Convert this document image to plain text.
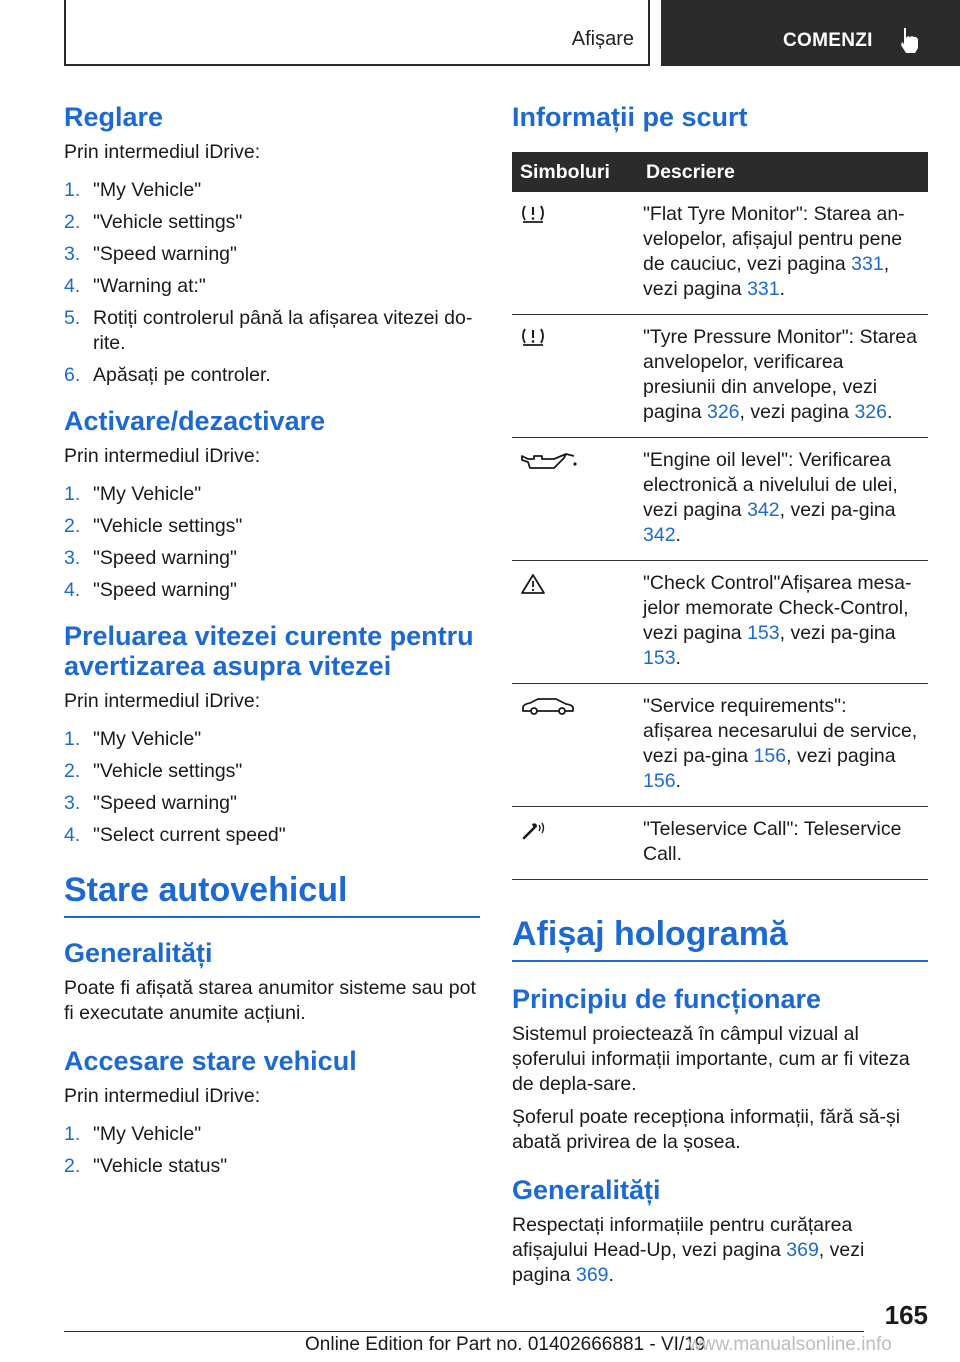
Afișare	COMENZI
Reglare
Prin intermediul iDrive:
1. "My Vehicle"
2. "Vehicle settings"
3. "Speed warning"
4. "Warning at:"
5. Rotiți controlerul până la afișarea vitezei do-rite.
6. Apăsați pe controler.
Activare/dezactivare
Prin intermediul iDrive:
1. "My Vehicle"
2. "Vehicle settings"
3. "Speed warning"
4. "Speed warning"
Preluarea vitezei curente pentru avertizarea asupra vitezei
Prin intermediul iDrive:
1. "My Vehicle"
2. "Vehicle settings"
3. "Speed warning"
4. "Select current speed"
Stare autovehicul
Generalități
Poate fi afișată starea anumitor sisteme sau pot fi executate anumite acțiuni.
Accesare stare vehicul
Prin intermediul iDrive:
1. "My Vehicle"
2. "Vehicle status"
Informații pe scurt
Simboluri	Descriere
	"Flat Tyre Monitor": Starea an-velopelor, afișajul pentru pene de cauciuc, vezi pagina 331, vezi pagina 331.
	"Tyre Pressure Monitor": Starea anvelopelor, verificarea presiunii din anvelope, vezi pagina 326, vezi pagina 326.
	"Engine oil level": Verificarea electronică a nivelului de ulei, vezi pagina 342, vezi pa-gina 342.
	"Check Control"Afișarea mesa-jelor memorate Check-Control, vezi pagina 153, vezi pa-gina 153.
	"Service requirements": afișarea necesarului de service, vezi pa-gina 156, vezi pagina 156.
	"Teleservice Call": Teleservice Call.
Afișaj hologramă
Principiu de funcționare
Sistemul proiectează în câmpul vizual al șoferului informații importante, cum ar fi viteza de depla-sare.
Șoferul poate recepționa informații, fără să-și abată privirea de la șosea.
Generalități
Respectați informațiile pentru curățarea afișajului Head-Up, vezi pagina 369, vezi pagina 369.
165
Online Edition for Part no. 01402666881 - VI/19
www.manualsonline.info
